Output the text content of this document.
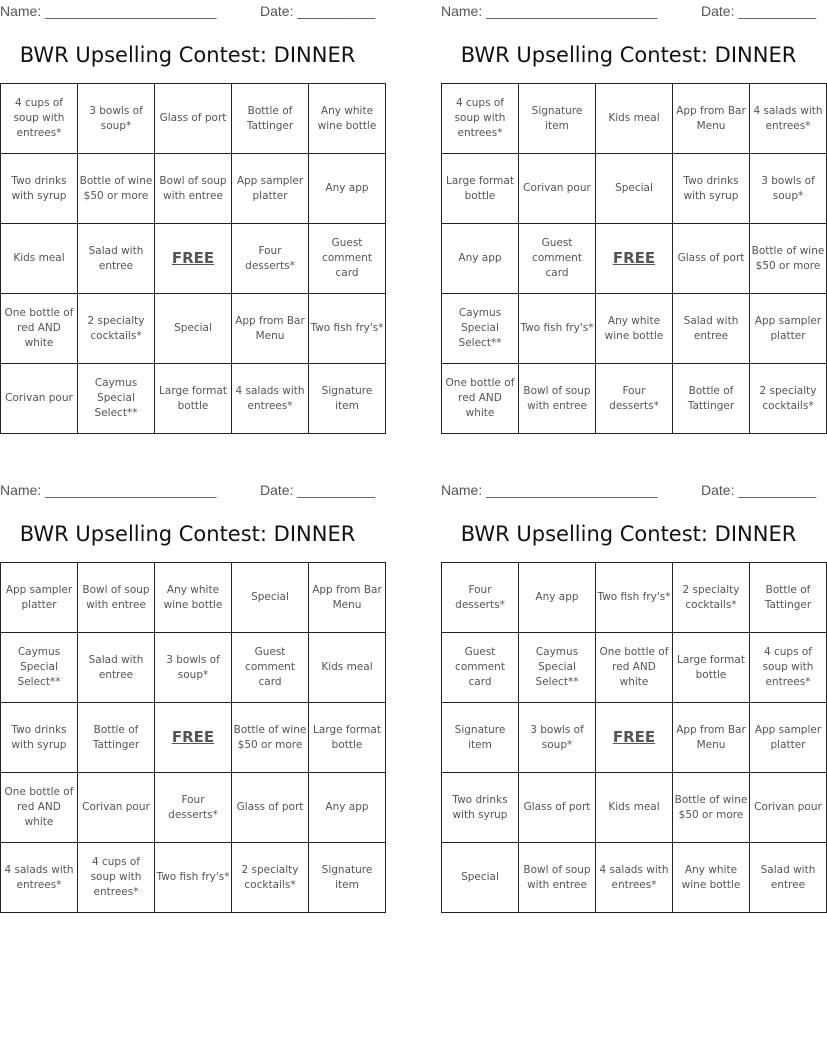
Name: ______________________	Date: __________
BWR Upselling Contest: DINNER
4 cups of soup with entrees*	3 bowls of soup*	Glass of port	Bottle of Tattinger	Any white wine bottle
Two drinks with syrup	Bottle of wine $50 or more	Bowl of soup with entree	App sampler platter	Any app
Kids meal	Salad with entree	FREE	Four desserts*	Guest comment card
One bottle of red AND white	2 specialty cocktails*	Special	App from Bar Menu	Two fish fry's*
Corivan pour	Caymus Special Select**	Large format bottle	4 salads with entrees*	Signature item
Name: ______________________	Date: __________
BWR Upselling Contest: DINNER
4 cups of soup with entrees*	Signature item	Kids meal	App from Bar Menu	4 salads with entrees*
Large format bottle	Corivan pour	Special	Two drinks with syrup	3 bowls of soup*
Any app	Guest comment card	FREE	Glass of port	Bottle of wine $50 or more
Caymus Special Select**	Two fish fry's*	Any white wine bottle	Salad with entree	App sampler platter
One bottle of red AND white	Bowl of soup with entree	Four desserts*	Bottle of Tattinger	2 specialty cocktails*
Name: ______________________	Date: __________
BWR Upselling Contest: DINNER
App sampler platter	Bowl of soup with entree	Any white wine bottle	Special	App from Bar Menu
Caymus Special Select**	Salad with entree	3 bowls of soup*	Guest comment card	Kids meal
Two drinks with syrup	Bottle of Tattinger	FREE	Bottle of wine $50 or more	Large format bottle
One bottle of red AND white	Corivan pour	Four desserts*	Glass of port	Any app
4 salads with entrees*	4 cups of soup with entrees*	Two fish fry's*	2 specialty cocktails*	Signature item
Name: ______________________	Date: __________
BWR Upselling Contest: DINNER
Four desserts*	Any app	Two fish fry's*	2 specialty cocktails*	Bottle of Tattinger
Guest comment card	Caymus Special Select**	One bottle of red AND white	Large format bottle	4 cups of soup with entrees*
Signature item	3 bowls of soup*	FREE	App from Bar Menu	App sampler platter
Two drinks with syrup	Glass of port	Kids meal	Bottle of wine $50 or more	Corivan pour
Special	Bowl of soup with entree	4 salads with entrees*	Any white wine bottle	Salad with entree
